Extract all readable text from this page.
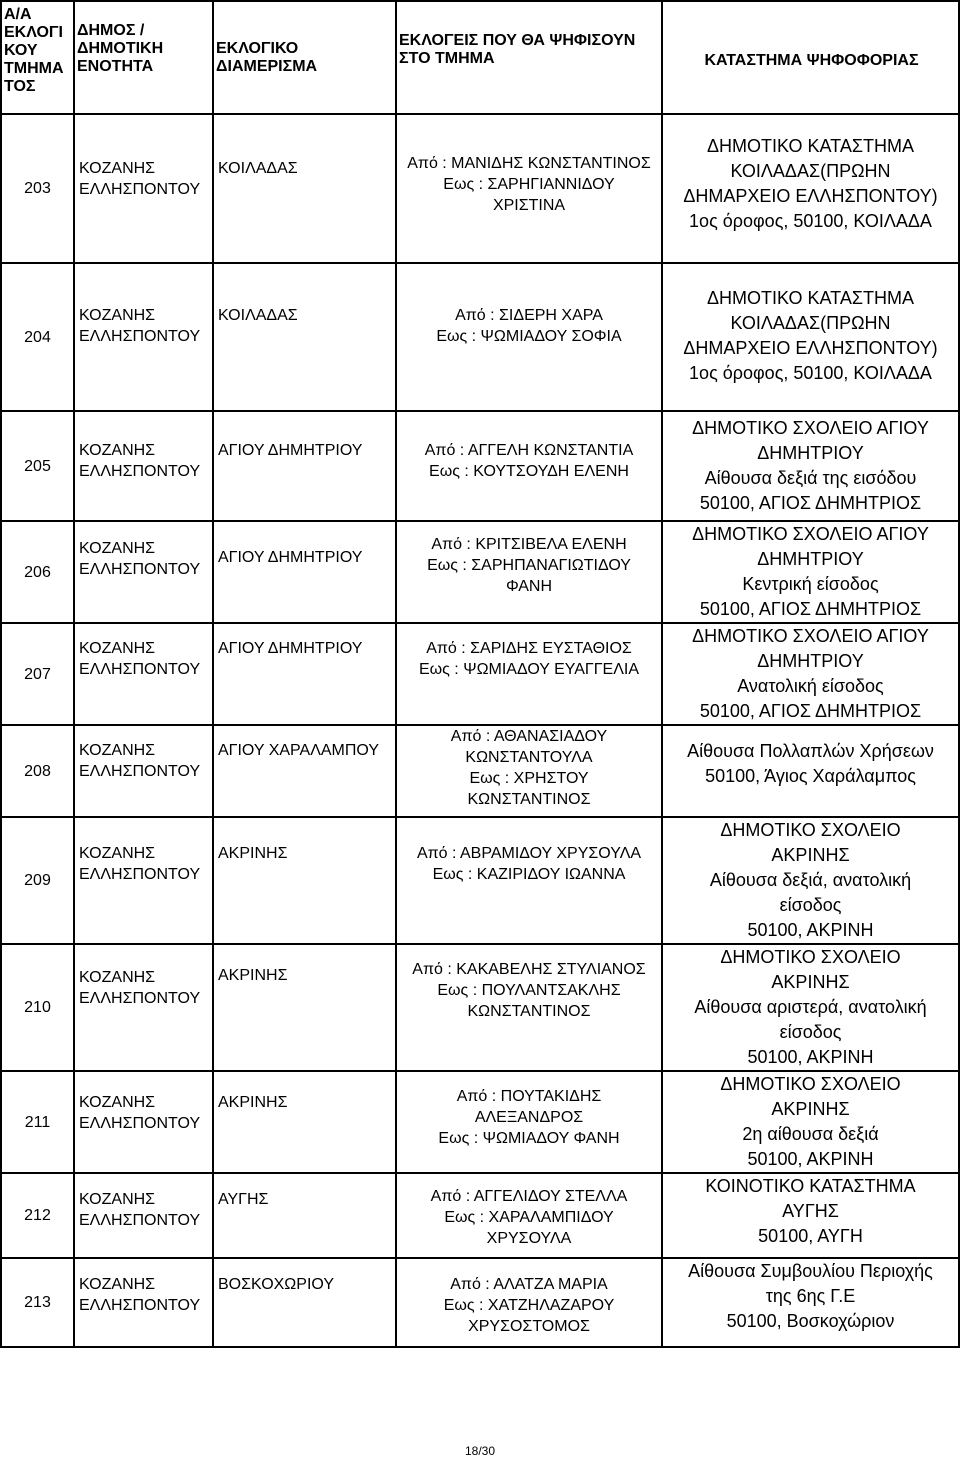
Α/Α
ΕΚΛΟΓΙ
ΚΟΥ
ΤΜΗΜΑ
ΤΟΣ	ΔΗΜΟΣ /
ΔΗΜΟΤΙΚΗ
ΕΝΟΤΗΤΑ	ΕΚΛΟΓΙΚΟ
ΔΙΑΜΕΡΙΣΜΑ	ΕΚΛΟΓΕΙΣ ΠΟΥ ΘΑ ΨΗΦΙΣΟΥΝ
ΣΤΟ ΤΜΗΜΑ	ΚΑΤΑΣΤΗΜΑ ΨΗΦΟΦΟΡΙΑΣ

203	ΚΟΖΑΝΗΣ
ΕΛΛΗΣΠΟΝΤΟΥ	ΚΟΙΛΑΔΑΣ	Από : ΜΑΝΙΔΗΣ ΚΩΝΣΤΑΝΤΙΝΟΣ
Εως : ΣΑΡΗΓΙΑΝΝΙΔΟΥ
ΧΡΙΣΤΙΝΑ	ΔΗΜΟΤΙΚΟ ΚΑΤΑΣΤΗΜΑ
ΚΟΙΛΑΔΑΣ(ΠΡΩΗΝ
ΔΗΜΑΡΧΕΙΟ ΕΛΛΗΣΠΟΝΤΟΥ)
1ος όροφος, 50100, ΚΟΙΛΑΔΑ

204	ΚΟΖΑΝΗΣ
ΕΛΛΗΣΠΟΝΤΟΥ	ΚΟΙΛΑΔΑΣ	Από : ΣΙΔΕΡΗ ΧΑΡΑ
Εως : ΨΩΜΙΑΔΟΥ ΣΟΦΙΑ	ΔΗΜΟΤΙΚΟ ΚΑΤΑΣΤΗΜΑ
ΚΟΙΛΑΔΑΣ(ΠΡΩΗΝ
ΔΗΜΑΡΧΕΙΟ ΕΛΛΗΣΠΟΝΤΟΥ)
1ος όροφος, 50100, ΚΟΙΛΑΔΑ

205	ΚΟΖΑΝΗΣ
ΕΛΛΗΣΠΟΝΤΟΥ	ΑΓΙΟΥ ΔΗΜΗΤΡΙΟΥ	Από : ΑΓΓΕΛΗ ΚΩΝΣΤΑΝΤΙΑ
Εως : ΚΟΥΤΣΟΥΔΗ ΕΛΕΝΗ	ΔΗΜΟΤΙΚΟ ΣΧΟΛΕΙΟ ΑΓΙΟΥ
ΔΗΜΗΤΡΙΟΥ
Αίθουσα δεξιά της εισόδου
50100, ΑΓΙΟΣ ΔΗΜΗΤΡΙΟΣ

206	ΚΟΖΑΝΗΣ
ΕΛΛΗΣΠΟΝΤΟΥ	ΑΓΙΟΥ ΔΗΜΗΤΡΙΟΥ	Από : ΚΡΙΤΣΙΒΕΛΑ ΕΛΕΝΗ
Εως : ΣΑΡΗΠΑΝΑΓΙΩΤΙΔΟΥ
ΦΑΝΗ	ΔΗΜΟΤΙΚΟ ΣΧΟΛΕΙΟ ΑΓΙΟΥ
ΔΗΜΗΤΡΙΟΥ
Κεντρική είσοδος
50100, ΑΓΙΟΣ ΔΗΜΗΤΡΙΟΣ

207	ΚΟΖΑΝΗΣ
ΕΛΛΗΣΠΟΝΤΟΥ	ΑΓΙΟΥ ΔΗΜΗΤΡΙΟΥ	Από : ΣΑΡΙΔΗΣ ΕΥΣΤΑΘΙΟΣ
Εως : ΨΩΜΙΑΔΟΥ ΕΥΑΓΓΕΛΙΑ	ΔΗΜΟΤΙΚΟ ΣΧΟΛΕΙΟ ΑΓΙΟΥ
ΔΗΜΗΤΡΙΟΥ
Ανατολική είσοδος
50100, ΑΓΙΟΣ ΔΗΜΗΤΡΙΟΣ

208	ΚΟΖΑΝΗΣ
ΕΛΛΗΣΠΟΝΤΟΥ	ΑΓΙΟΥ ΧΑΡΑΛΑΜΠΟΥ	Από : ΑΘΑΝΑΣΙΑΔΟΥ
ΚΩΝΣΤΑΝΤΟΥΛΑ
Εως : ΧΡΗΣΤΟΥ
ΚΩΝΣΤΑΝΤΙΝΟΣ	Αίθουσα Πολλαπλών Χρήσεων
50100, Άγιος Χαράλαμπος

209	ΚΟΖΑΝΗΣ
ΕΛΛΗΣΠΟΝΤΟΥ	ΑΚΡΙΝΗΣ	Από : ΑΒΡΑΜΙΔΟΥ ΧΡΥΣΟΥΛΑ
Εως : ΚΑΖΙΡΙΔΟΥ ΙΩΑΝΝΑ	ΔΗΜΟΤΙΚΟ ΣΧΟΛΕΙΟ
ΑΚΡΙΝΗΣ
Αίθουσα δεξιά, ανατολική
είσοδος
50100, ΑΚΡΙΝΗ

210	ΚΟΖΑΝΗΣ
ΕΛΛΗΣΠΟΝΤΟΥ	ΑΚΡΙΝΗΣ	Από : ΚΑΚΑΒΕΛΗΣ ΣΤΥΛΙΑΝΟΣ
Εως : ΠΟΥΛΑΝΤΣΑΚΛΗΣ
ΚΩΝΣΤΑΝΤΙΝΟΣ	ΔΗΜΟΤΙΚΟ ΣΧΟΛΕΙΟ
ΑΚΡΙΝΗΣ
Αίθουσα αριστερά, ανατολική
είσοδος
50100, ΑΚΡΙΝΗ

211	ΚΟΖΑΝΗΣ
ΕΛΛΗΣΠΟΝΤΟΥ	ΑΚΡΙΝΗΣ	Από : ΠΟΥΤΑΚΙΔΗΣ
ΑΛΕΞΑΝΔΡΟΣ
Εως : ΨΩΜΙΑΔΟΥ ΦΑΝΗ	ΔΗΜΟΤΙΚΟ ΣΧΟΛΕΙΟ
ΑΚΡΙΝΗΣ
2η αίθουσα δεξιά
50100, ΑΚΡΙΝΗ

212	ΚΟΖΑΝΗΣ
ΕΛΛΗΣΠΟΝΤΟΥ	ΑΥΓΗΣ	Από : ΑΓΓΕΛΙΔΟΥ ΣΤΕΛΛΑ
Εως : ΧΑΡΑΛΑΜΠΙΔΟΥ
ΧΡΥΣΟΥΛΑ	ΚΟΙΝΟΤΙΚΟ ΚΑΤΑΣΤΗΜΑ
ΑΥΓΗΣ
50100, ΑΥΓΗ

213	ΚΟΖΑΝΗΣ
ΕΛΛΗΣΠΟΝΤΟΥ	ΒΟΣΚΟΧΩΡΙΟΥ	Από : ΑΛΑΤΖΑ ΜΑΡΙΑ
Εως : ΧΑΤΖΗΛΑΖΑΡΟΥ
ΧΡΥΣΟΣΤΟΜΟΣ	Αίθουσα Συμβουλίου Περιοχής
της 6ης Γ.Ε
50100, Βοσκοχώριον
18/30
